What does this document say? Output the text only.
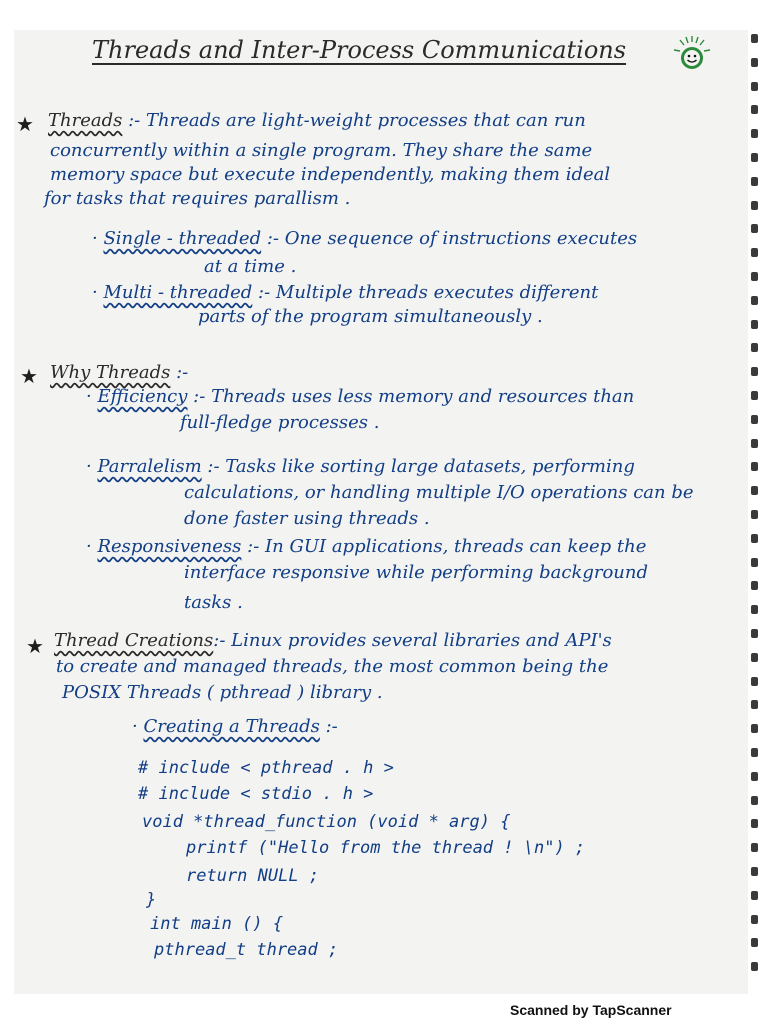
Threads and Inter-Process Communications
★ Threads :- Threads are light-weight processes that can run
concurrently within a single program. They share the same
memory space but execute independently, making them ideal
for tasks that requires parallism .
· Single - threaded :- One sequence of instructions executes
at a time .
· Multi - threaded :- Multiple threads executes different
parts of the program simultaneously .
★ Why Threads :-
· Efficiency :- Threads uses less memory and resources than
full-fledge processes .
· Parralelism :- Tasks like sorting large datasets, performing
calculations, or handling multiple I/O operations can be
done faster using threads .
· Responsiveness :- In GUI applications, threads can keep the
interface responsive while performing background
tasks .
★ Thread Creations:- Linux provides several libraries and API's
to create and managed threads, the most common being the
POSIX Threads ( pthread ) library .
· Creating a Threads :-
# include < pthread . h >
# include < stdio . h >
void *thread_function (void * arg) {
printf ("Hello from the thread ! \n") ;
return NULL ;
}
int main () {
pthread_t thread ;
Scanned by TapScanner
